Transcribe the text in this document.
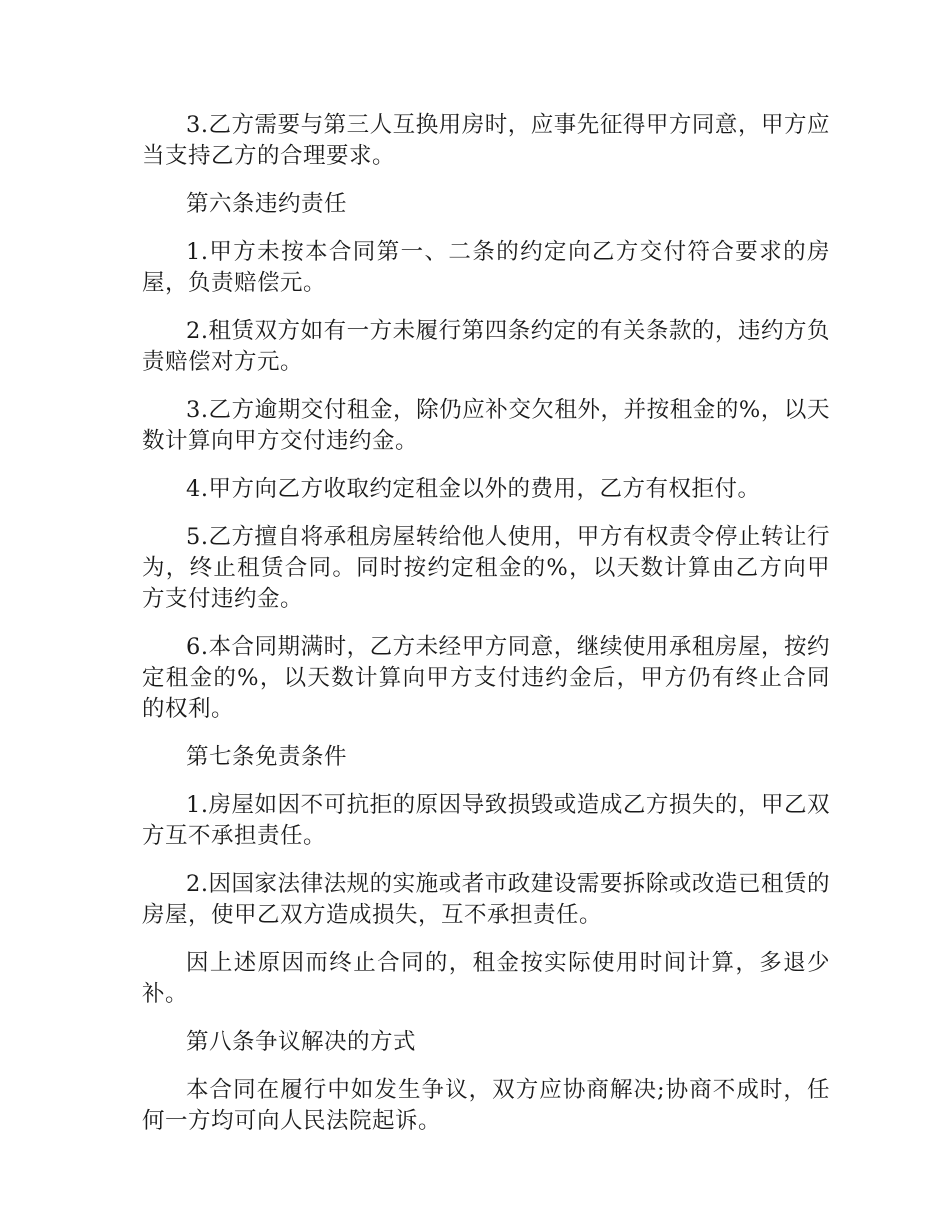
3.乙方需要与第三人互换用房时，应事先征得甲方同意，甲方应当支持乙方的合理要求。

第六条违约责任

1.甲方未按本合同第一、二条的约定向乙方交付符合要求的房屋，负责赔偿元。

2.租赁双方如有一方未履行第四条约定的有关条款的，违约方负责赔偿对方元。

3.乙方逾期交付租金，除仍应补交欠租外，并按租金的%，以天数计算向甲方交付违约金。

4.甲方向乙方收取约定租金以外的费用，乙方有权拒付。

5.乙方擅自将承租房屋转给他人使用，甲方有权责令停止转让行为，终止租赁合同。同时按约定租金的%，以天数计算由乙方向甲方支付违约金。

6.本合同期满时，乙方未经甲方同意，继续使用承租房屋，按约定租金的%，以天数计算向甲方支付违约金后，甲方仍有终止合同的权利。

第七条免责条件

1.房屋如因不可抗拒的原因导致损毁或造成乙方损失的，甲乙双方互不承担责任。

2.因国家法律法规的实施或者市政建设需要拆除或改造已租赁的房屋，使甲乙双方造成损失，互不承担责任。

因上述原因而终止合同的，租金按实际使用时间计算，多退少补。

第八条争议解决的方式

本合同在履行中如发生争议，双方应协商解决;协商不成时，任何一方均可向人民法院起诉。
